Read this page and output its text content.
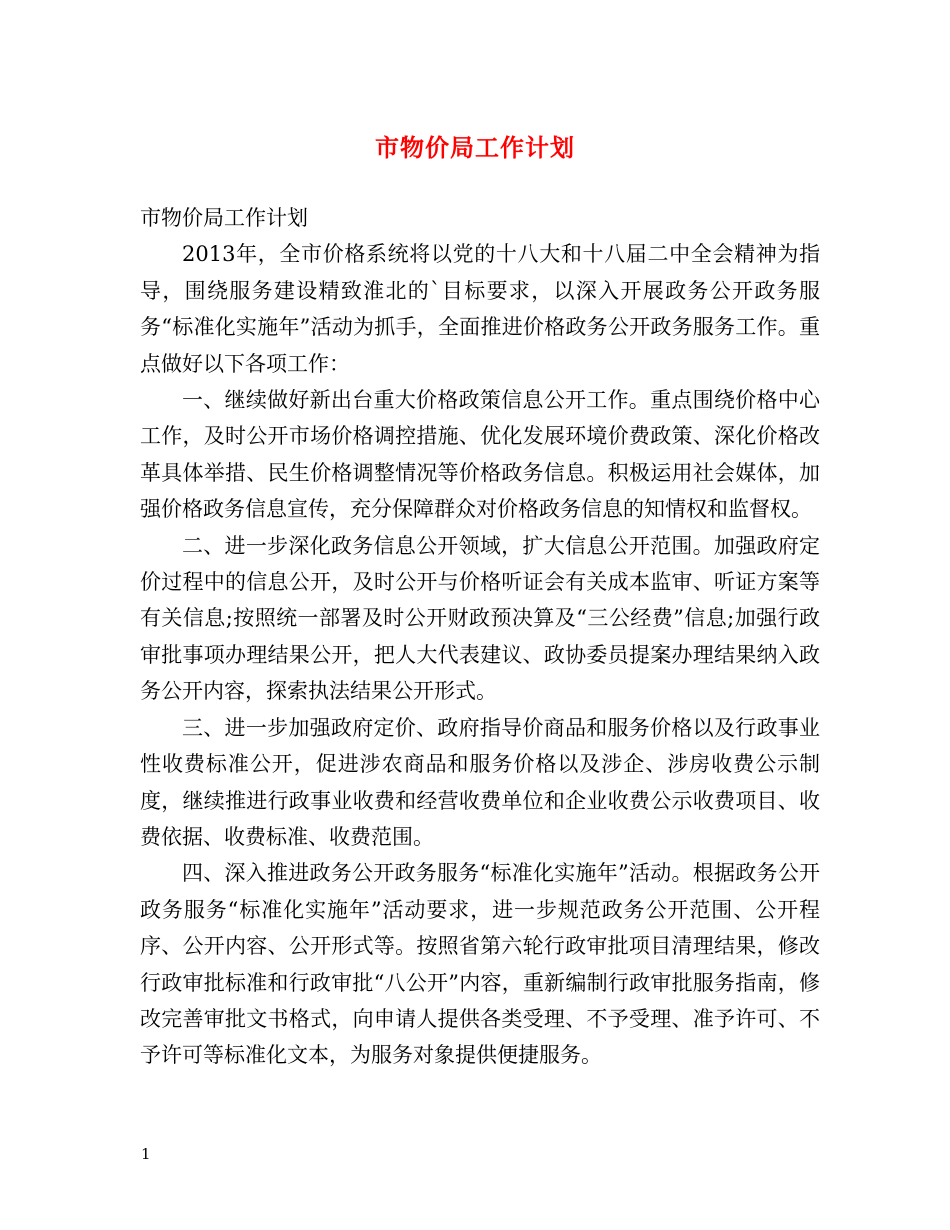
市物价局工作计划

市物价局工作计划

2013年，全市价格系统将以党的十八大和十八届二中全会精神为指导，围绕服务建设精致淮北的`目标要求，以深入开展政务公开政务服务“标准化实施年”活动为抓手，全面推进价格政务公开政务服务工作。重点做好以下各项工作：

一、继续做好新出台重大价格政策信息公开工作。重点围绕价格中心工作，及时公开市场价格调控措施、优化发展环境价费政策、深化价格改革具体举措、民生价格调整情况等价格政务信息。积极运用社会媒体，加强价格政务信息宣传，充分保障群众对价格政务信息的知情权和监督权。

二、进一步深化政务信息公开领域，扩大信息公开范围。加强政府定价过程中的信息公开，及时公开与价格听证会有关成本监审、听证方案等有关信息;按照统一部署及时公开财政预决算及“三公经费”信息;加强行政审批事项办理结果公开，把人大代表建议、政协委员提案办理结果纳入政务公开内容，探索执法结果公开形式。

三、进一步加强政府定价、政府指导价商品和服务价格以及行政事业性收费标准公开，促进涉农商品和服务价格以及涉企、涉房收费公示制度，继续推进行政事业收费和经营收费单位和企业收费公示收费项目、收费依据、收费标准、收费范围。

四、深入推进政务公开政务服务“标准化实施年”活动。根据政务公开政务服务“标准化实施年”活动要求，进一步规范政务公开范围、公开程序、公开内容、公开形式等。按照省第六轮行政审批项目清理结果，修改行政审批标准和行政审批“八公开”内容，重新编制行政审批服务指南，修改完善审批文书格式，向申请人提供各类受理、不予受理、准予许可、不予许可等标准化文本，为服务对象提供便捷服务。

1
